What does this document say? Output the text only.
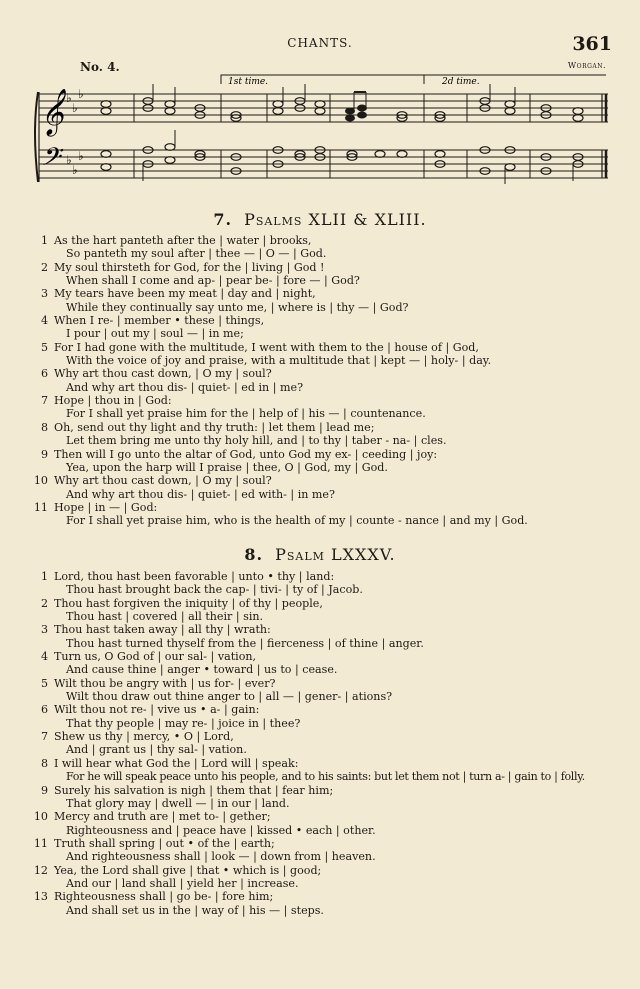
CHANTS.	361
No. 4.	Worgan.
1st time.	2d time.
𝄞
𝄢
♭
♭
♭
♭
♭
♭
7. Psalms XLII & XLIII.
1 As the hart panteth after the | water | brooks,
So panteth my soul after | thee — | O — | God.
2 My soul thirsteth for God, for the | living | God !
When shall I come and ap- | pear be- | fore — | God?
3 My tears have been my meat | day and | night,
While they continually say unto me, | where is | thy — | God?
4 When I re- | member • these | things,
I pour | out my | soul — | in me;
5 For I had gone with the multitude, I went with them to the | house of | God,
With the voice of joy and praise, with a multitude that | kept — | holy- | day.
6 Why art thou cast down, | O my | soul?
And why art thou dis- | quiet- | ed in | me?
7 Hope | thou in | God:
For I shall yet praise him for the | help of | his — | countenance.
8 Oh, send out thy light and thy truth: | let them | lead me;
Let them bring me unto thy holy hill, and | to thy | taber - na- | cles.
9 Then will I go unto the altar of God, unto God my ex- | ceeding | joy:
Yea, upon the harp will I praise | thee, O | God, my | God.
10 Why art thou cast down, | O my | soul?
And why art thou dis- | quiet- | ed with- | in me?
11 Hope | in — | God:
For I shall yet praise him, who is the health of my | counte - nance | and my | God.
8. Psalm LXXXV.
1 Lord, thou hast been favorable | unto • thy | land:
Thou hast brought back the cap- | tivi- | ty of | Jacob.
2 Thou hast forgiven the iniquity | of thy | people,
Thou hast | covered | all their | sin.
3 Thou hast taken away | all thy | wrath:
Thou hast turned thyself from the | fierceness | of thine | anger.
4 Turn us, O God of | our sal- | vation,
And cause thine | anger • toward | us to | cease.
5 Wilt thou be angry with | us for- | ever?
Wilt thou draw out thine anger to | all — | gener- | ations?
6 Wilt thou not re- | vive us • a- | gain:
That thy people | may re- | joice in | thee?
7 Shew us thy | mercy, • O | Lord,
And | grant us | thy sal- | vation.
8 I will hear what God the | Lord will | speak:
For he will speak peace unto his people, and to his saints: but let them not | turn a- | gain to | folly.
9 Surely his salvation is nigh | them that | fear him;
That glory may | dwell — | in our | land.
10 Mercy and truth are | met to- | gether;
Righteousness and | peace have | kissed • each | other.
11 Truth shall spring | out • of the | earth;
And righteousness shall | look — | down from | heaven.
12 Yea, the Lord shall give | that • which is | good;
And our | land shall | yield her | increase.
13 Righteousness shall | go be- | fore him;
And shall set us in the | way of | his — | steps.
